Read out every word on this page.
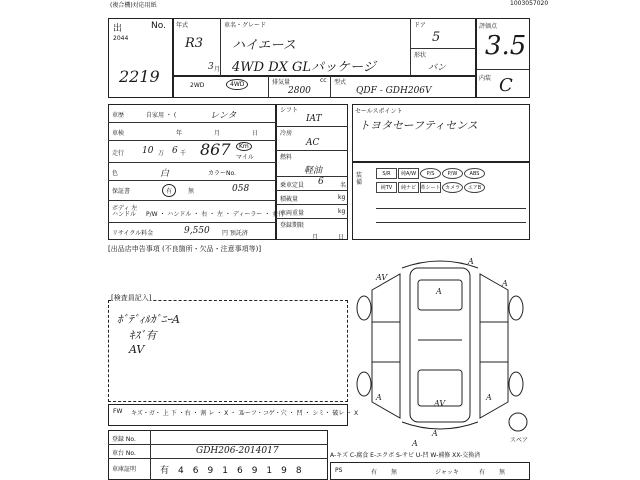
(複合機)対応用紙	1003057020
出	No.
2044
2219
年式
R3
3 月
車名・グレード
ハイエース
4WD DX GLパッケージ
ドア
5
形状
バン
評価点
3.5
内装 C
2WD	4WD	排気量
2800
cc 型式
QDF - GDH206V
車歴	自家用 ・ (	レンタ
車検	年	月	日
走行 10 万 6 千 867	Km
マイル
色	白	カラーNo.
保証書	有	無	058
ボディ 左 ハンドル	P/W ・ ハンドル ・ 右 ・ 左 ・ ディーラー ・ 並行
リサイクル料金	9,550 円 預託済
シフト
IAT
冷房
AC
燃料
軽油
乗車定員 6	名
積載量	kg
車両重量	kg
登録期限
月	日
セールスポイント
トヨタセーフティセンス
装備
S/R	純A/W	P/S	P/W	ABS
純TV	純ナビ 革シート カメラ	エアB
[出品店申告事項 (不良箇所・欠品・注意事項等)]
[検査員記入]
ﾎﾞﾃﾞｨﾙｶﾞﾆｰA
ｷｽﾞ有
AV
A
AV
A
A
A
AV
A
A
A	スペア
FW キズ・ガ・ 上 下 ・右 ・ 割 レ ・ X ・ 工
ルーフ・コゲ・穴 ・ 凹 ・ シミ・ 破レ ・ X
登録 No.
車台 No.	GDH206-2014017
車庫証明	有469169198
A-キズ C-腐食 E-エクボ S-サビ U-凹 W-補修 XX-交換済
PS	有 無	ジャッキ	有 無
